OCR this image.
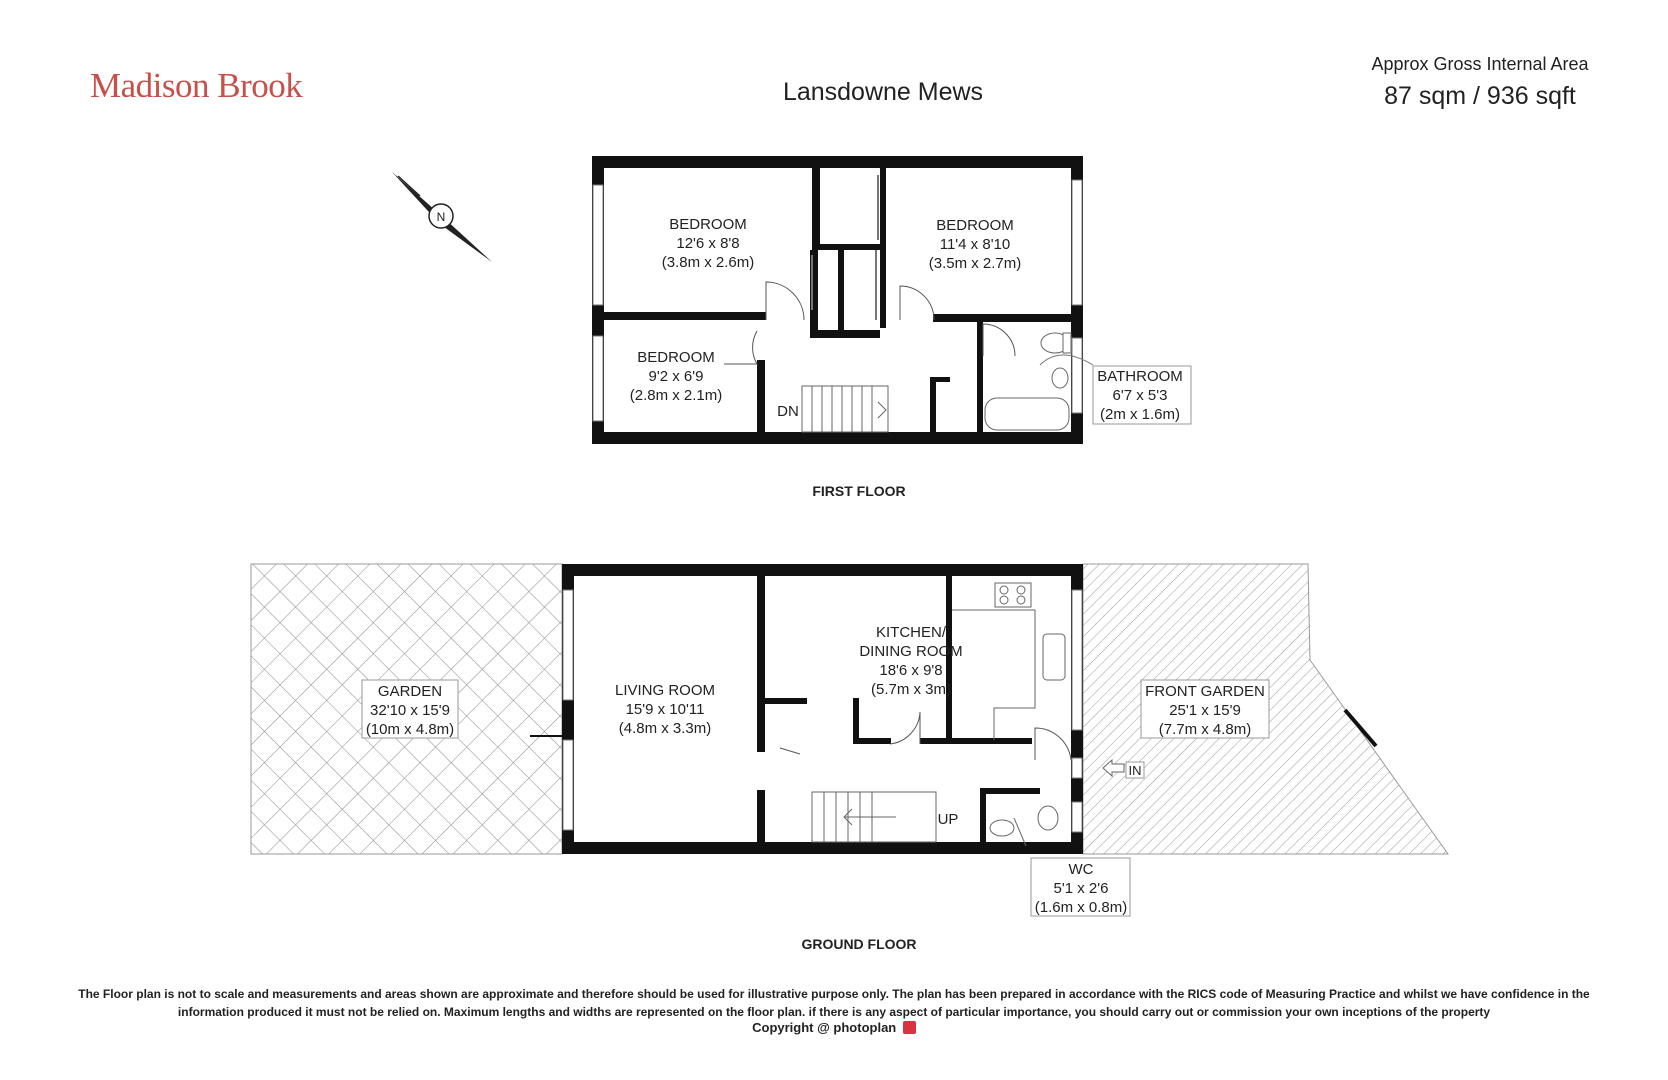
Madison Brook	Lansdowne Mews
Approx Gross Internal Area
87 sqm / 936 sqft
N	BEDROOM
12'6 x 8'8
(3.8m x 2.6m)
BEDROOM
11'4 x 8'10
(3.5m x 2.7m)
BEDROOM
9'2 x 6'9
(2.8m x 2.1m)
BATHROOM
6'7 x 5'3
(2m x 1.6m)
DN
FIRST FLOOR
GARDEN
32'10 x 15'9
(10m x 4.8m)
LIVING ROOM
15'9 x 10'11
(4.8m x 3.3m)
KITCHEN/
DINING ROOM
18'6 x 9'8
(5.7m x 3m)	FRONT GARDEN
25'1 x 15'9
(7.7m x 4.8m)
WC
5'1 x 2'6
(1.6m x 0.8m)
UP
IN
GROUND FLOOR
The Floor plan is not to scale and measurements and areas shown are approximate and therefore should be used for illustrative purpose only. The plan has been prepared in accordance with the RICS code of Measuring Practice and whilst we have confidence in the information produced it must not be relied on. Maximum lengths and widths are represented on the floor plan. if there is any aspect of particular importance, you should carry out or commission your own inceptions of the property
Copyright @ photoplan
